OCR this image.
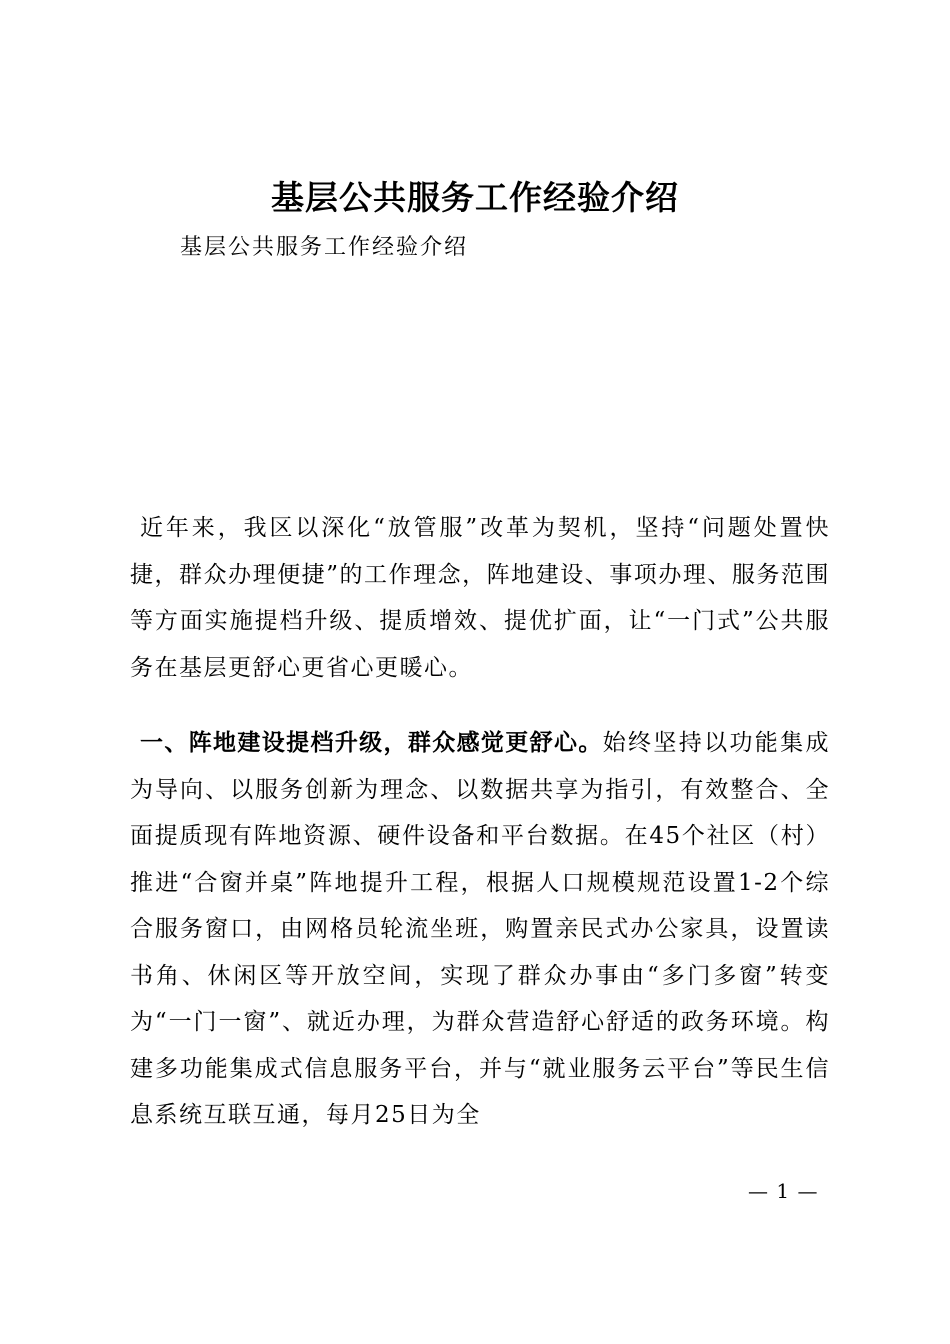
基层公共服务工作经验介绍

基层公共服务工作经验介绍

近年来，我区以深化“放管服”改革为契机，坚持“问题处置快捷，群众办理便捷”的工作理念，阵地建设、事项办理、服务范围等方面实施提档升级、提质增效、提优扩面，让“一门式”公共服务在基层更舒心更省心更暖心。

一、阵地建设提档升级，群众感觉更舒心。始终坚持以功能集成为导向、以服务创新为理念、以数据共享为指引，有效整合、全面提质现有阵地资源、硬件设备和平台数据。在45个社区（村）推进“合窗并桌”阵地提升工程，根据人口规模规范设置1-2个综合服务窗口，由网格员轮流坐班，购置亲民式办公家具，设置读书角、休闲区等开放空间，实现了群众办事由“多门多窗”转变为“一门一窗”、就近办理，为群众营造舒心舒适的政务环境。构建多功能集成式信息服务平台，并与“就业服务云平台”等民生信息系统互联互通，每月25日为全

— 1 —
